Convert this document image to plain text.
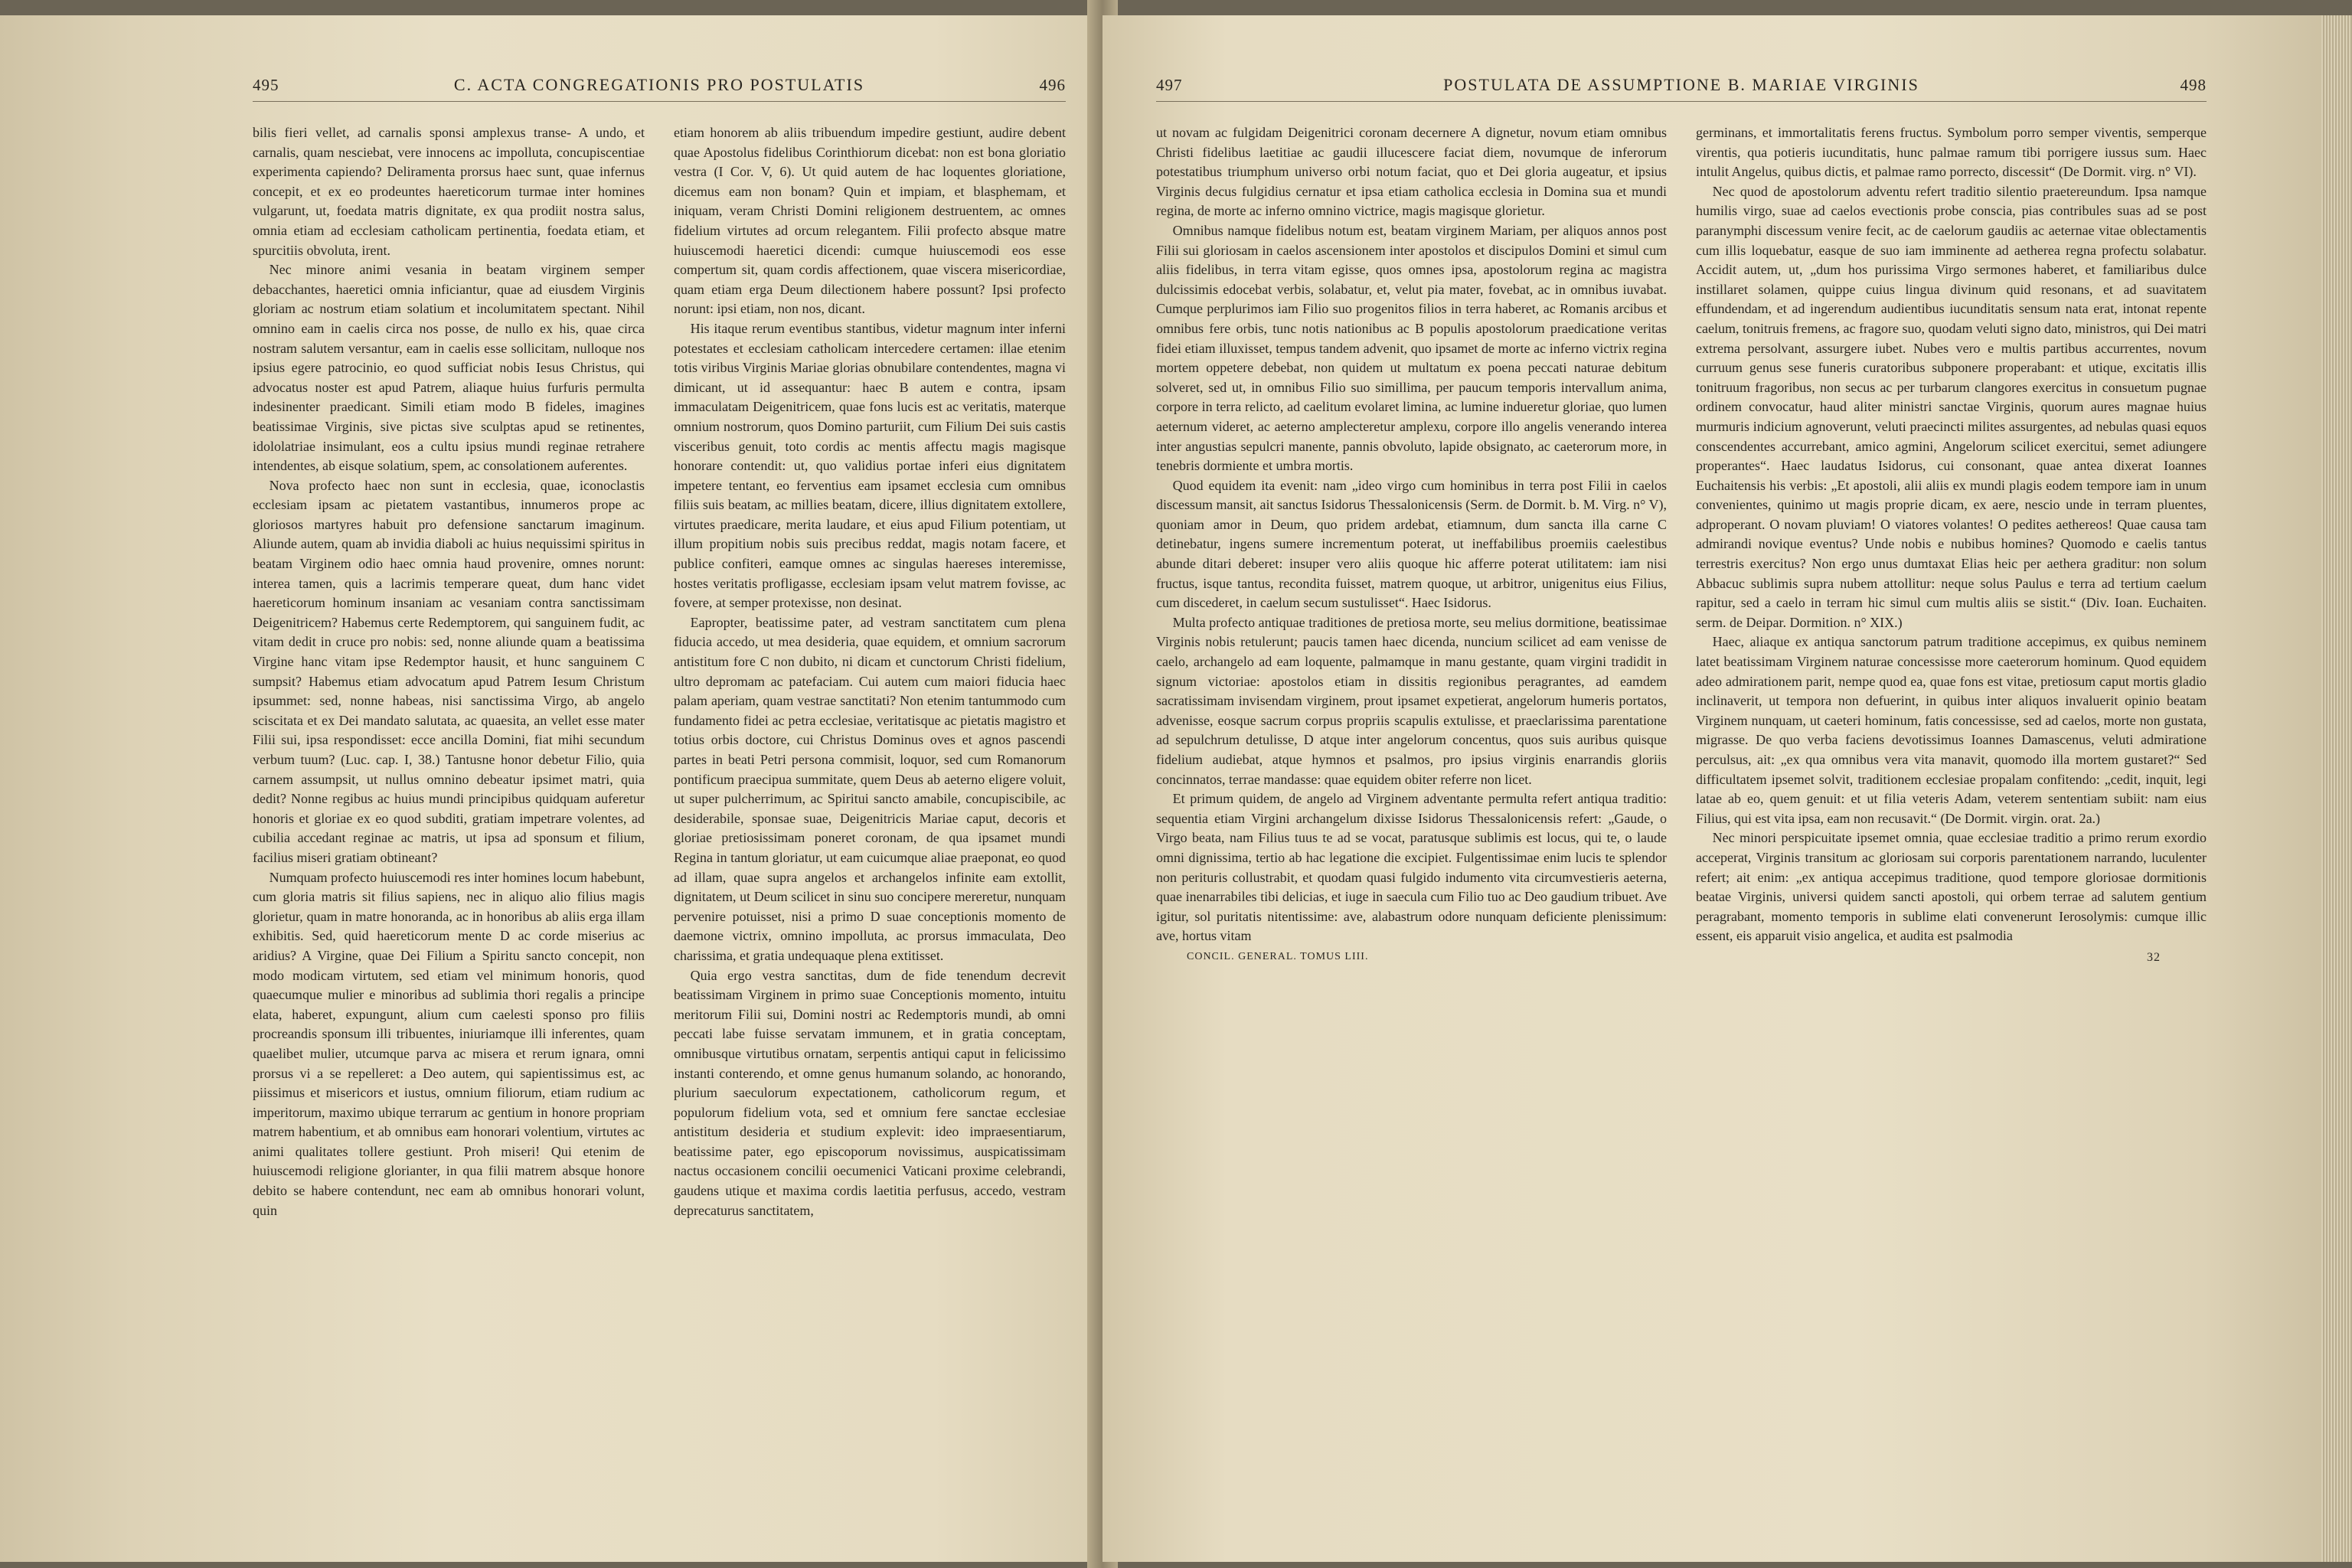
495	C. ACTA CONGREGATIONIS PRO POSTULATIS	496

bilis fieri vellet, ad carnalis sponsi amplexus transe- A undo, et carnalis, quam nesciebat, vere innocens ac impolluta, concupiscentiae experimenta capiendo? Deliramenta prorsus haec sunt, quae infernus concepit, et ex eo prodeuntes haereticorum turmae inter homines vulgarunt, ut, foedata matris dignitate, ex qua prodiit nostra salus, omnia etiam ad ecclesiam catholicam pertinentia, foedata etiam, et spurcitiis obvoluta, irent.

Nec minore animi vesania in beatam virginem semper debacchantes, haeretici omnia inficiantur, quae ad eiusdem Virginis gloriam ac nostrum etiam solatium et incolumitatem spectant. Nihil omnino eam in caelis circa nos posse, de nullo ex his, quae circa nostram salutem versantur, eam in caelis esse sollicitam, nulloque nos ipsius egere patrocinio, eo quod sufficiat nobis Iesus Christus, qui advocatus noster est apud Patrem, aliaque huius furfuris permulta indesinenter praedicant. Simili etiam modo B fideles, imagines beatissimae Virginis, sive pictas sive sculptas apud se retinentes, idololatriae insimulant, eos a cultu ipsius mundi reginae retrahere intendentes, ab eisque solatium, spem, ac consolationem auferentes.

Nova profecto haec non sunt in ecclesia, quae, iconoclastis ecclesiam ipsam ac pietatem vastantibus, innumeros prope ac gloriosos martyres habuit pro defensione sanctarum imaginum. Aliunde autem, quam ab invidia diaboli ac huius nequissimi spiritus in beatam Virginem odio haec omnia haud provenire, omnes norunt: interea tamen, quis a lacrimis temperare queat, dum hanc videt haereticorum hominum insaniam ac vesaniam contra sanctissimam Deigenitricem? Habemus certe Redemptorem, qui sanguinem fudit, ac vitam dedit in cruce pro nobis: sed, nonne aliunde quam a beatissima Virgine hanc vitam ipse Redemptor hausit, et hunc sanguinem C sumpsit? Habemus etiam advocatum apud Patrem Iesum Christum ipsummet: sed, nonne habeas, nisi sanctissima Virgo, ab angelo sciscitata et ex Dei mandato salutata, ac quaesita, an vellet esse mater Filii sui, ipsa respondisset: ecce ancilla Domini, fiat mihi secundum verbum tuum? (Luc. cap. I, 38.) Tantusne honor debetur Filio, quia carnem assumpsit, ut nullus omnino debeatur ipsimet matri, quia dedit? Nonne regibus ac huius mundi principibus quidquam auferetur honoris et gloriae ex eo quod subditi, gratiam impetrare volentes, ad cubilia accedant reginae ac matris, ut ipsa ad sponsum et filium, facilius miseri gratiam obtineant?

Numquam profecto huiuscemodi res inter homines locum habebunt, cum gloria matris sit filius sapiens, nec in aliquo alio filius magis glorietur, quam in matre honoranda, ac in honoribus ab aliis erga illam exhibitis. Sed, quid haereticorum mente D ac corde miserius ac aridius? A Virgine, quae Dei Filium a Spiritu sancto concepit, non modo modicam virtutem, sed etiam vel minimum honoris, quod quaecumque mulier e minoribus ad sublimia thori regalis a principe elata, haberet, expungunt, alium cum caelesti sponso pro filiis procreandis sponsum illi tribuentes, iniuriamque illi inferentes, quam quaelibet mulier, utcumque parva ac misera et rerum ignara, omni prorsus vi a se repelleret: a Deo autem, qui sapientissimus est, ac piissimus et misericors et iustus, omnium filiorum, etiam rudium ac imperitorum, maximo ubique terrarum ac gentium in honore propriam matrem habentium, et ab omnibus eam honorari volentium, virtutes ac animi qualitates tollere gestiunt. Proh miseri! Qui etenim de huiuscemodi religione glorianter, in qua filii matrem absque honore debito se habere contendunt, nec eam ab omnibus honorari volunt, quin

etiam honorem ab aliis tribuendum impedire gestiunt, audire debent quae Apostolus fidelibus Corinthiorum dicebat: non est bona gloriatio vestra (I Cor. V, 6). Ut quid autem de hac loquentes gloriatione, dicemus eam non bonam? Quin et impiam, et blasphemam, et iniquam, veram Christi Domini religionem destruentem, ac omnes fidelium virtutes ad orcum relegantem. Filii profecto absque matre huiuscemodi haeretici dicendi: cumque huiuscemodi eos esse compertum sit, quam cordis affectionem, quae viscera misericordiae, quam etiam erga Deum dilectionem habere possunt? Ipsi profecto norunt: ipsi etiam, non nos, dicant.

His itaque rerum eventibus stantibus, videtur magnum inter inferni potestates et ecclesiam catholicam intercedere certamen: illae etenim totis viribus Virginis Mariae glorias obnubilare contendentes, magna vi dimicant, ut id assequantur: haec B autem e contra, ipsam immaculatam Deigenitricem, quae fons lucis est ac veritatis, materque omnium nostrorum, quos Domino parturiit, cum Filium Dei suis castis visceribus genuit, toto cordis ac mentis affectu magis magisque honorare contendit: ut, quo validius portae inferi eius dignitatem impetere tentant, eo ferventius eam ipsamet ecclesia cum omnibus filiis suis beatam, ac millies beatam, dicere, illius dignitatem extollere, virtutes praedicare, merita laudare, et eius apud Filium potentiam, ut illum propitium nobis suis precibus reddat, magis notam facere, et publice confiteri, eamque omnes ac singulas haereses interemisse, hostes veritatis profligasse, ecclesiam ipsam velut matrem fovisse, ac fovere, at semper protexisse, non desinat.

Eapropter, beatissime pater, ad vestram sanctitatem cum plena fiducia accedo, ut mea desideria, quae equidem, et omnium sacrorum antistitum fore C non dubito, ni dicam et cunctorum Christi fidelium, ultro depromam ac patefaciam. Cui autem cum maiori fiducia haec palam aperiam, quam vestrae sanctitati? Non etenim tantummodo cum fundamento fidei ac petra ecclesiae, veritatisque ac pietatis magistro et totius orbis doctore, cui Christus Dominus oves et agnos pascendi partes in beati Petri persona commisit, loquor, sed cum Romanorum pontificum praecipua summitate, quem Deus ab aeterno eligere voluit, ut super pulcherrimum, ac Spiritui sancto amabile, concupiscibile, ac desiderabile, sponsae suae, Deigenitricis Mariae caput, decoris et gloriae pretiosissimam poneret coronam, de qua ipsamet mundi Regina in tantum gloriatur, ut eam cuicumque aliae praeponat, eo quod ad illam, quae supra angelos et archangelos infinite eam extollit, dignitatem, ut Deum scilicet in sinu suo concipere mereretur, nunquam pervenire potuisset, nisi a primo D suae conceptionis momento de daemone victrix, omnino impolluta, ac prorsus immaculata, Deo charissima, et gratia undequaque plena extitisset.

Quia ergo vestra sanctitas, dum de fide tenendum decrevit beatissimam Virginem in primo suae Conceptionis momento, intuitu meritorum Filii sui, Domini nostri ac Redemptoris mundi, ab omni peccati labe fuisse servatam immunem, et in gratia conceptam, omnibusque virtutibus ornatam, serpentis antiqui caput in felicissimo instanti conterendo, et omne genus humanum solando, ac honorando, plurium saeculorum expectationem, catholicorum regum, et populorum fidelium vota, sed et omnium fere sanctae ecclesiae antistitum desideria et studium explevit: ideo impraesentiarum, beatissime pater, ego episcoporum novissimus, auspicatissimam nactus occasionem concilii oecumenici Vaticani proxime celebrandi, gaudens utique et maxima cordis laetitia perfusus, accedo, vestram deprecaturus sanctitatem,

497	POSTULATA DE ASSUMPTIONE B. MARIAE VIRGINIS	498

ut novam ac fulgidam Deigenitrici coronam decernere A dignetur, novum etiam omnibus Christi fidelibus laetitiae ac gaudii illucescere faciat diem, novumque de inferorum potestatibus triumphum universo orbi notum faciat, quo et Dei gloria augeatur, et ipsius Virginis decus fulgidius cernatur et ipsa etiam catholica ecclesia in Domina sua et mundi regina, de morte ac inferno omnino victrice, magis magisque glorietur.

Omnibus namque fidelibus notum est, beatam virginem Mariam, per aliquos annos post Filii sui gloriosam in caelos ascensionem inter apostolos et discipulos Domini et simul cum aliis fidelibus, in terra vitam egisse, quos omnes ipsa, apostolorum regina ac magistra dulcissimis edocebat verbis, solabatur, et, velut pia mater, fovebat, ac in omnibus iuvabat. Cumque perplurimos iam Filio suo progenitos filios in terra haberet, ac Romanis arcibus et omnibus fere orbis, tunc notis nationibus ac B populis apostolorum praedicatione veritas fidei etiam illuxisset, tempus tandem advenit, quo ipsamet de morte ac inferno victrix regina mortem oppetere debebat, non quidem ut multatum ex poena peccati naturae debitum solveret, sed ut, in omnibus Filio suo simillima, per paucum temporis intervallum anima, corpore in terra relicto, ad caelitum evolaret limina, ac lumine indueretur gloriae, quo lumen aeternum videret, ac aeterno amplecteretur amplexu, corpore illo angelis venerando interea inter angustias sepulcri manente, pannis obvoluto, lapide obsignato, ac caeterorum more, in tenebris dormiente et umbra mortis.

Quod equidem ita evenit: nam „ideo virgo cum hominibus in terra post Filii in caelos discessum mansit, ait sanctus Isidorus Thessalonicensis (Serm. de Dormit. b. M. Virg. n° V), quoniam amor in Deum, quo pridem ardebat, etiamnum, dum sancta illa carne C detinebatur, ingens sumere incrementum poterat, ut ineffabilibus proemiis caelestibus abunde ditari deberet: insuper vero aliis quoque hic afferre poterat utilitatem: iam nisi fructus, isque tantus, recondita fuisset, matrem quoque, ut arbitror, unigenitus eius Filius, cum discederet, in caelum secum sustulisset“. Haec Isidorus.

Multa profecto antiquae traditiones de pretiosa morte, seu melius dormitione, beatissimae Virginis nobis retulerunt; paucis tamen haec dicenda, nuncium scilicet ad eam venisse de caelo, archangelo ad eam loquente, palmamque in manu gestante, quam virgini tradidit in signum victoriae: apostolos etiam in dissitis regionibus peragrantes, ad eamdem sacratissimam invisendam virginem, prout ipsamet expetierat, angelorum humeris portatos, advenisse, eosque sacrum corpus propriis scapulis extulisse, et praeclarissima parentatione ad sepulchrum detulisse, D atque inter angelorum concentus, quos suis auribus quisque fidelium audiebat, atque hymnos et psalmos, pro ipsius virginis enarrandis gloriis concinnatos, terrae mandasse: quae equidem obiter referre non licet.

Et primum quidem, de angelo ad Virginem adventante permulta refert antiqua traditio: sequentia etiam Virgini archangelum dixisse Isidorus Thessalonicensis refert: „Gaude, o Virgo beata, nam Filius tuus te ad se vocat, paratusque sublimis est locus, qui te, o laude omni dignissima, tertio ab hac legatione die excipiet. Fulgentissimae enim lucis te splendor non perituris collustrabit, et quodam quasi fulgido indumento vita circumvestieris aeterna, quae inenarrabiles tibi delicias, et iuge in saecula cum Filio tuo ac Deo gaudium tribuet. Ave igitur, sol puritatis nitentissime: ave, alabastrum odore nunquam deficiente plenissimum: ave, hortus vitam

germinans, et immortalitatis ferens fructus. Symbolum porro semper viventis, semperque virentis, qua potieris iucunditatis, hunc palmae ramum tibi porrigere iussus sum. Haec intulit Angelus, quibus dictis, et palmae ramo porrecto, discessit“ (De Dormit. virg. n° VI).

Nec quod de apostolorum adventu refert traditio silentio praetereundum. Ipsa namque humilis virgo, suae ad caelos evectionis probe conscia, pias contribules suas ad se post paranymphi discessum venire fecit, ac de caelorum gaudiis ac aeternae vitae oblectamentis cum illis loquebatur, easque de suo iam imminente ad aetherea regna profectu solabatur. Accidit autem, ut, „dum hos purissima Virgo sermones haberet, et familiaribus dulce instillaret solamen, quippe cuius lingua divinum quid resonans, et ad suavitatem effundendam, et ad ingerendum audientibus iucunditatis sensum nata erat, intonat repente caelum, tonitruis fremens, ac fragore suo, quodam veluti signo dato, ministros, qui Dei matri extrema persolvant, assurgere iubet. Nubes vero e multis partibus accurrentes, novum curruum genus sese funeris curatoribus subponere properabant: et utique, excitatis illis tonitruum fragoribus, non secus ac per turbarum clangores exercitus in consuetum pugnae ordinem convocatur, haud aliter ministri sanctae Virginis, quorum aures magnae huius murmuris indicium agnoverunt, veluti praecincti milites assurgentes, ad nebulas quasi equos conscendentes accurrebant, amico agmini, Angelorum scilicet exercitui, semet adiungere properantes“. Haec laudatus Isidorus, cui consonant, quae antea dixerat Ioannes Euchaitensis his verbis: „Et apostoli, alii aliis ex mundi plagis eodem tempore iam in unum convenientes, quinimo ut magis proprie dicam, ex aere, nescio unde in terram pluentes, adproperant. O novam pluviam! O viatores volantes! O pedites aethereos! Quae causa tam admirandi novique eventus? Unde nobis e nubibus homines? Quomodo e caelis tantus terrestris exercitus? Non ergo unus dumtaxat Elias heic per aethera graditur: non solum Abbacuc sublimis supra nubem attollitur: neque solus Paulus e terra ad tertium caelum rapitur, sed a caelo in terram hic simul cum multis aliis se sistit.“ (Div. Ioan. Euchaiten. serm. de Deipar. Dormition. n° XIX.)

Haec, aliaque ex antiqua sanctorum patrum traditione accepimus, ex quibus neminem latet beatissimam Virginem naturae concessisse more caeterorum hominum. Quod equidem adeo admirationem parit, nempe quod ea, quae fons est vitae, pretiosum caput mortis gladio inclinaverit, ut tempora non defuerint, in quibus inter aliquos invaluerit opinio beatam Virginem nunquam, ut caeteri hominum, fatis concessisse, sed ad caelos, morte non gustata, migrasse. De quo verba faciens devotissimus Ioannes Damascenus, veluti admiratione perculsus, ait: „ex qua omnibus vera vita manavit, quomodo illa mortem gustaret?“ Sed difficultatem ipsemet solvit, traditionem ecclesiae propalam confitendo: „cedit, inquit, legi latae ab eo, quem genuit: et ut filia veteris Adam, veterem sententiam subiit: nam eius Filius, qui est vita ipsa, eam non recusavit.“ (De Dormit. virgin. orat. 2a.)

Nec minori perspicuitate ipsemet omnia, quae ecclesiae traditio a primo rerum exordio acceperat, Virginis transitum ac gloriosam sui corporis parentationem narrando, luculenter refert; ait enim: „ex antiqua accepimus traditione, quod tempore gloriosae dormitionis beatae Virginis, universi quidem sancti apostoli, qui orbem terrae ad salutem gentium peragrabant, momento temporis in sublime elati convenerunt Ierosolymis: cumque illic essent, eis apparuit visio angelica, et audita est psalmodia

CONCIL. GENERAL. TOMUS LIII.	32
